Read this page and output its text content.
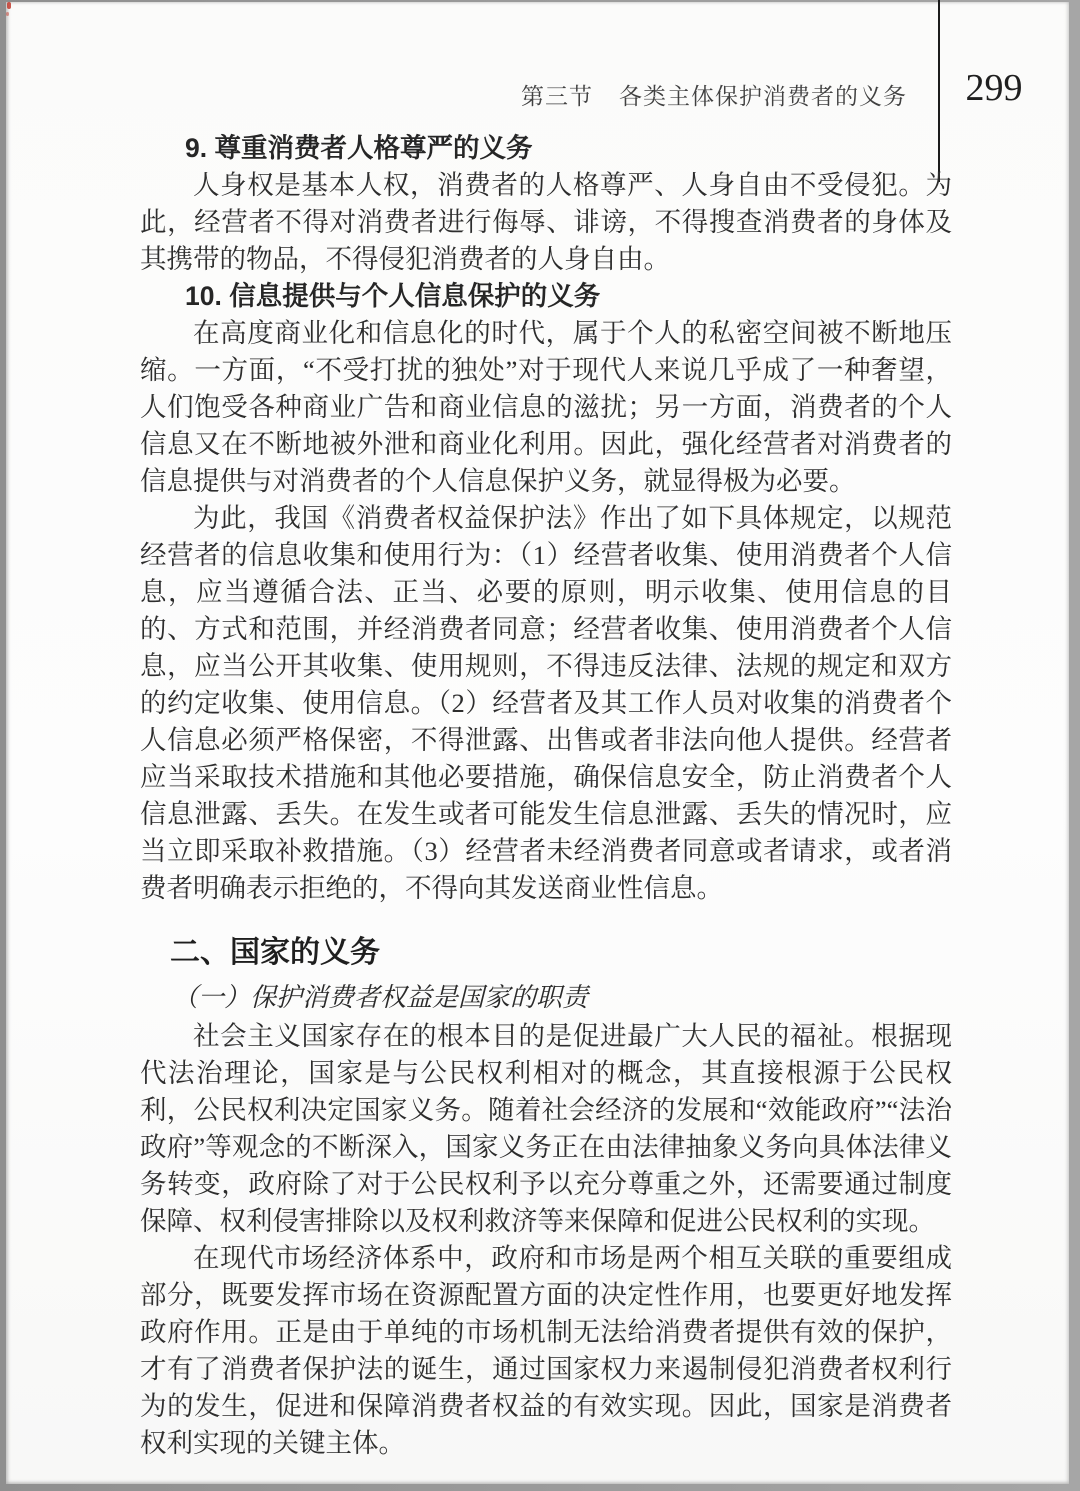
第三节 各类主体保护消费者的义务	299
9. 尊重消费者人格尊严的义务
人身权是基本人权，消费者的人格尊严、人身自由不受侵犯。为此，经营者不得对消费者进行侮辱、诽谤，不得搜查消费者的身体及其携带的物品，不得侵犯消费者的人身自由。
10. 信息提供与个人信息保护的义务
在高度商业化和信息化的时代，属于个人的私密空间被不断地压缩。一方面，“不受打扰的独处”对于现代人来说几乎成了一种奢望，人们饱受各种商业广告和商业信息的滋扰；另一方面，消费者的个人信息又在不断地被外泄和商业化利用。因此，强化经营者对消费者的信息提供与对消费者的个人信息保护义务，就显得极为必要。
为此，我国《消费者权益保护法》作出了如下具体规定，以规范经营者的信息收集和使用行为：（1）经营者收集、使用消费者个人信息，应当遵循合法、正当、必要的原则，明示收集、使用信息的目的、方式和范围，并经消费者同意；经营者收集、使用消费者个人信息，应当公开其收集、使用规则，不得违反法律、法规的规定和双方的约定收集、使用信息。（2）经营者及其工作人员对收集的消费者个人信息必须严格保密，不得泄露、出售或者非法向他人提供。经营者应当采取技术措施和其他必要措施，确保信息安全，防止消费者个人信息泄露、丢失。在发生或者可能发生信息泄露、丢失的情况时，应当立即采取补救措施。（3）经营者未经消费者同意或者请求，或者消费者明确表示拒绝的，不得向其发送商业性信息。
二、国家的义务
（一）保护消费者权益是国家的职责
社会主义国家存在的根本目的是促进最广大人民的福祉。根据现代法治理论，国家是与公民权利相对的概念，其直接根源于公民权利，公民权利决定国家义务。随着社会经济的发展和“效能政府”“法治政府”等观念的不断深入，国家义务正在由法律抽象义务向具体法律义务转变，政府除了对于公民权利予以充分尊重之外，还需要通过制度保障、权利侵害排除以及权利救济等来保障和促进公民权利的实现。
在现代市场经济体系中，政府和市场是两个相互关联的重要组成部分，既要发挥市场在资源配置方面的决定性作用，也要更好地发挥政府作用。正是由于单纯的市场机制无法给消费者提供有效的保护，才有了消费者保护法的诞生，通过国家权力来遏制侵犯消费者权利行为的发生，促进和保障消费者权益的有效实现。因此，国家是消费者权利实现的关键主体。
